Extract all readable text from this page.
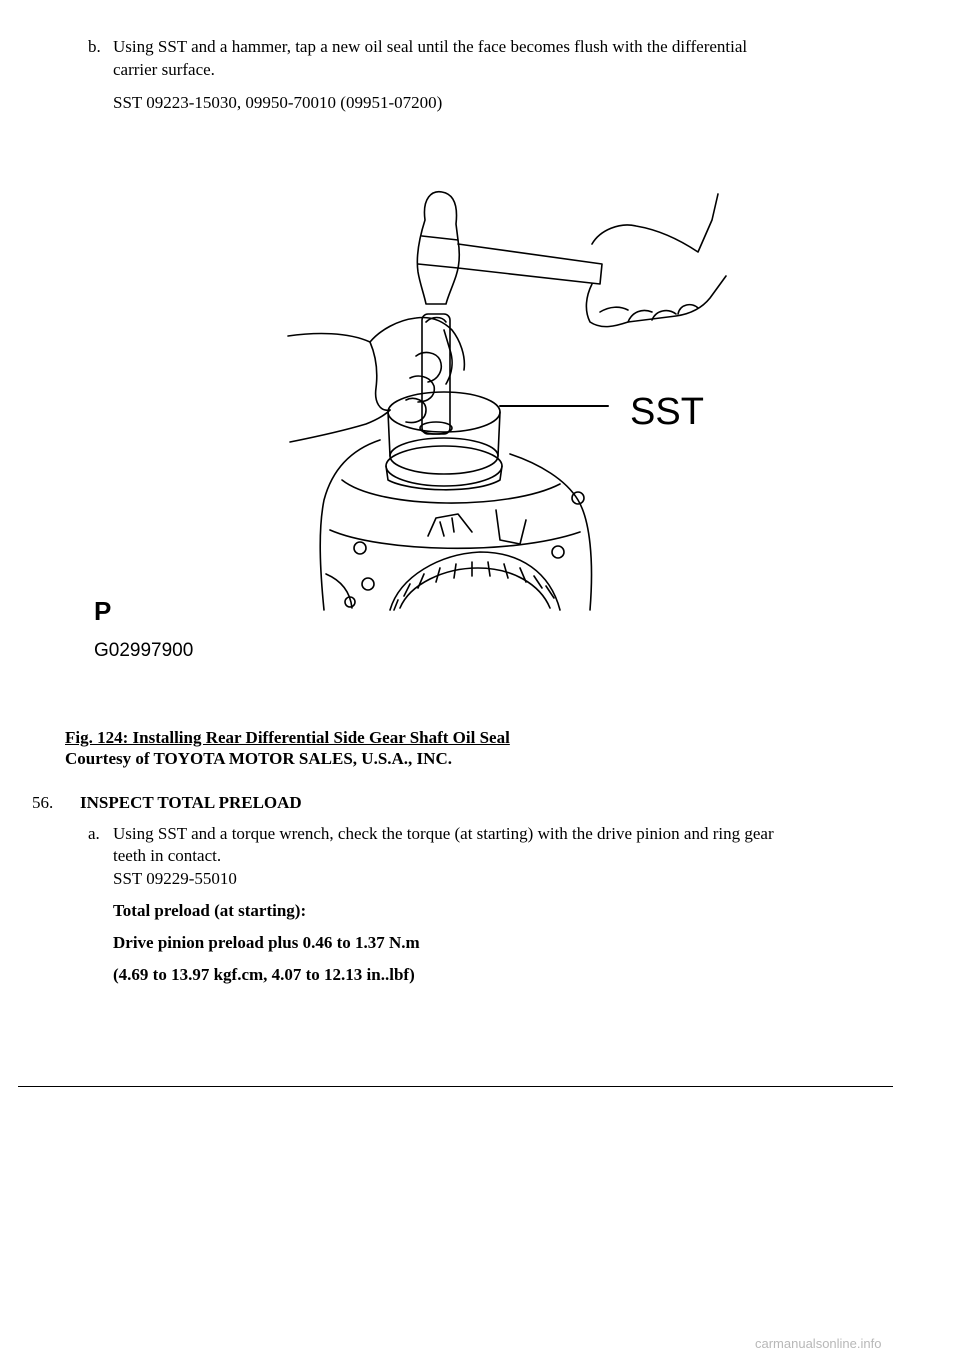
b. Using SST and a hammer, tap a new oil seal until the face becomes flush with the differential
carrier surface.
SST 09223-15030, 09950-70010 (09951-07200)
SST
P
G02997900
Fig. 124: Installing Rear Differential Side Gear Shaft Oil Seal
Courtesy of TOYOTA MOTOR SALES, U.S.A., INC.
56. INSPECT TOTAL PRELOAD
a. Using SST and a torque wrench, check the torque (at starting) with the drive pinion and ring gear
teeth in contact.
SST 09229-55010
Total preload (at starting):
Drive pinion preload plus 0.46 to 1.37 N.m
(4.69 to 13.97 kgf.cm, 4.07 to 12.13 in..lbf)
carmanualsonline.info
